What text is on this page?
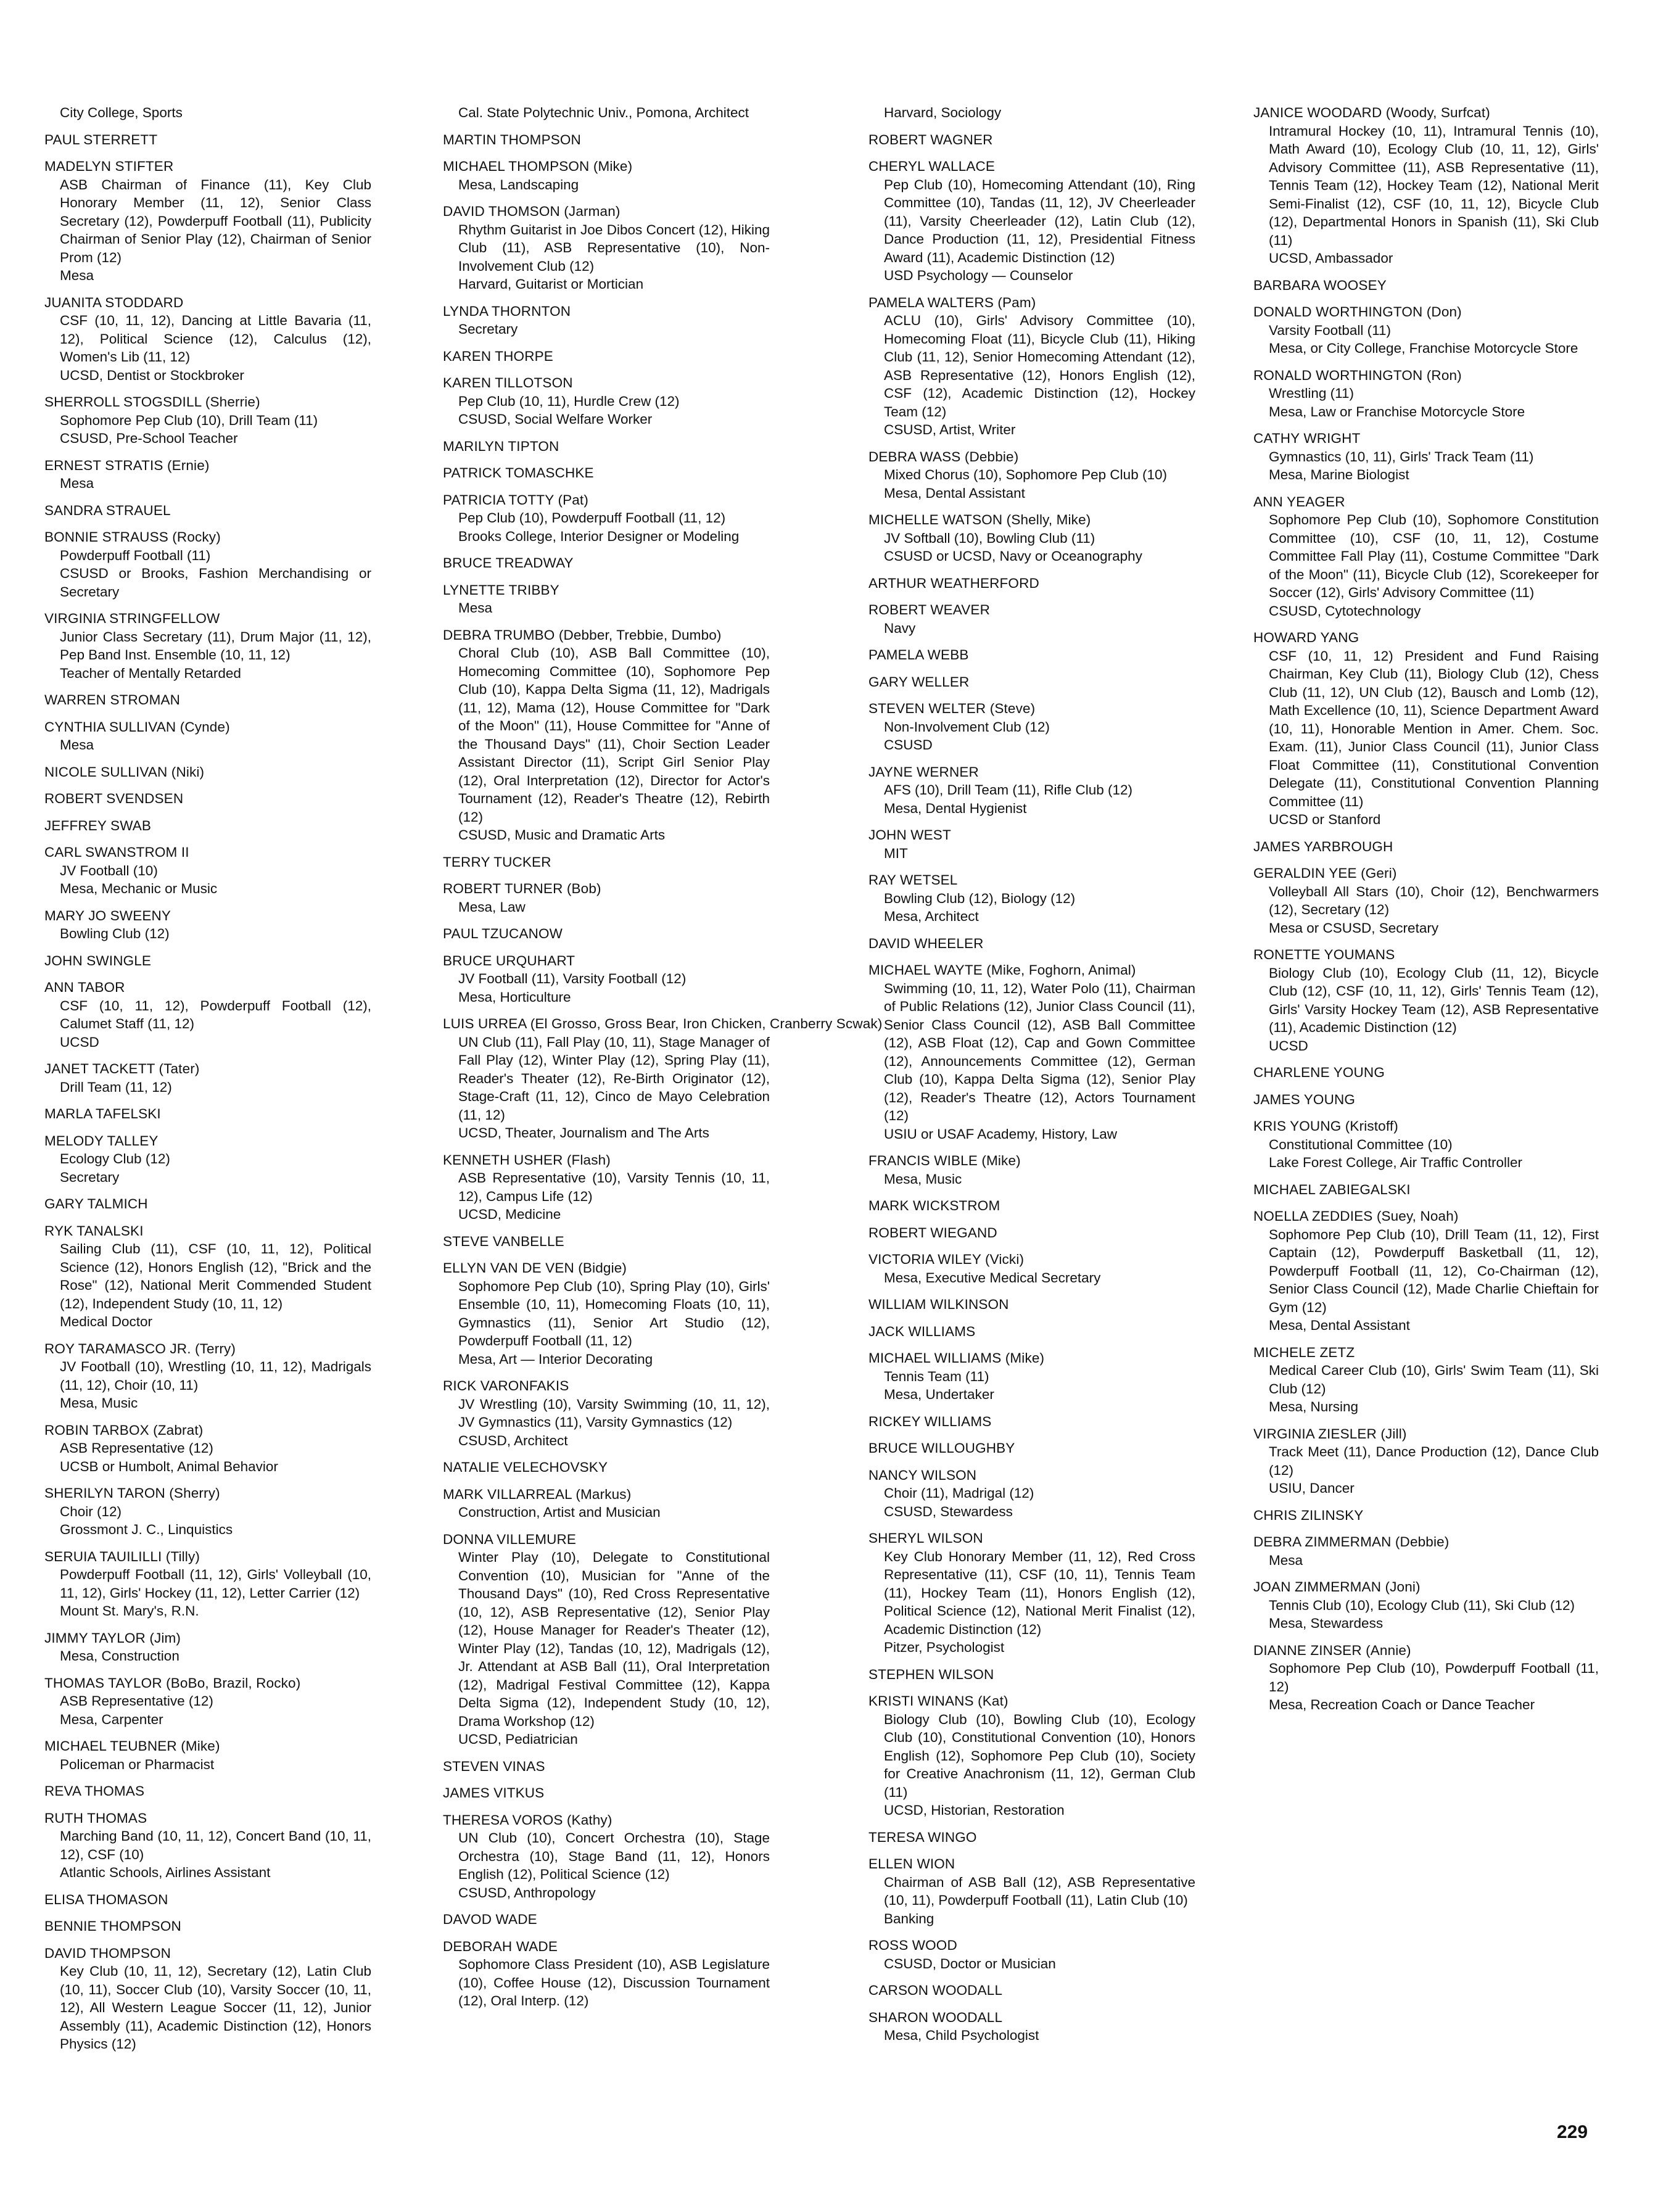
City College, Sports
PAUL STERRETT
MADELYN STIFTER
ASB Chairman of Finance (11), Key Club Honorary Member (11, 12), Senior Class Secretary (12), Powderpuff Football (11), Publicity Chairman of Senior Play (12), Chairman of Senior Prom (12)
Mesa
JUANITA STODDARD
CSF (10, 11, 12), Dancing at Little Bavaria (11, 12), Political Science (12), Calculus (12), Women's Lib (11, 12)
UCSD, Dentist or Stockbroker
SHERROLL STOGSDILL (Sherrie)
Sophomore Pep Club (10), Drill Team (11)
CSUSD, Pre-School Teacher
ERNEST STRATIS (Ernie)
Mesa
SANDRA STRAUEL
BONNIE STRAUSS (Rocky)
Powderpuff Football (11)
CSUSD or Brooks, Fashion Merchandising or Secretary
VIRGINIA STRINGFELLOW
Junior Class Secretary (11), Drum Major (11, 12), Pep Band Inst. Ensemble (10, 11, 12)
Teacher of Mentally Retarded
WARREN STROMAN
CYNTHIA SULLIVAN (Cynde)
Mesa
NICOLE SULLIVAN (Niki)
ROBERT SVENDSEN
JEFFREY SWAB
CARL SWANSTROM II
JV Football (10)
Mesa, Mechanic or Music
MARY JO SWEENY
Bowling Club (12)
JOHN SWINGLE
ANN TABOR
CSF (10, 11, 12), Powderpuff Football (12), Calumet Staff (11, 12)
UCSD
JANET TACKETT (Tater)
Drill Team (11, 12)
MARLA TAFELSKI
MELODY TALLEY
Ecology Club (12)
Secretary
GARY TALMICH
RYK TANALSKI
Sailing Club (11), CSF (10, 11, 12), Political Science (12), Honors English (12), "Brick and the Rose" (12), National Merit Commended Student (12), Independent Study (10, 11, 12)
Medical Doctor
ROY TARAMASCO JR. (Terry)
JV Football (10), Wrestling (10, 11, 12), Madrigals (11, 12), Choir (10, 11)
Mesa, Music
ROBIN TARBOX (Zabrat)
ASB Representative (12)
UCSB or Humbolt, Animal Behavior
SHERILYN TARON (Sherry)
Choir (12)
Grossmont J. C., Linquistics
SERUIA TAUILILLI (Tilly)
Powderpuff Football (11, 12), Girls' Volleyball (10, 11, 12), Girls' Hockey (11, 12), Letter Carrier (12)
Mount St. Mary's, R.N.
JIMMY TAYLOR (Jim)
Mesa, Construction
THOMAS TAYLOR (BoBo, Brazil, Rocko)
ASB Representative (12)
Mesa, Carpenter
MICHAEL TEUBNER (Mike)
Policeman or Pharmacist
REVA THOMAS
RUTH THOMAS
Marching Band (10, 11, 12), Concert Band (10, 11, 12), CSF (10)
Atlantic Schools, Airlines Assistant
ELISA THOMASON
BENNIE THOMPSON
DAVID THOMPSON
Key Club (10, 11, 12), Secretary (12), Latin Club (10, 11), Soccer Club (10), Varsity Soccer (10, 11, 12), All Western League Soccer (11, 12), Junior Assembly (11), Academic Distinction (12), Honors Physics (12)
Cal. State Polytechnic Univ., Pomona, Architect
MARTIN THOMPSON
MICHAEL THOMPSON (Mike)
Mesa, Landscaping
DAVID THOMSON (Jarman)
Rhythm Guitarist in Joe Dibos Concert (12), Hiking Club (11), ASB Representative (10), Non-Involvement Club (12)
Harvard, Guitarist or Mortician
LYNDA THORNTON
Secretary
KAREN THORPE
KAREN TILLOTSON
Pep Club (10, 11), Hurdle Crew (12)
CSUSD, Social Welfare Worker
MARILYN TIPTON
PATRICK TOMASCHKE
PATRICIA TOTTY (Pat)
Pep Club (10), Powderpuff Football (11, 12)
Brooks College, Interior Designer or Modeling
BRUCE TREADWAY
LYNETTE TRIBBY
Mesa
DEBRA TRUMBO (Debber, Trebbie, Dumbo)
Choral Club (10), ASB Ball Committee (10), Homecoming Committee (10), Sophomore Pep Club (10), Kappa Delta Sigma (11, 12), Madrigals (11, 12), Mama (12), House Committee for "Dark of the Moon" (11), House Committee for "Anne of the Thousand Days" (11), Choir Section Leader Assistant Director (11), Script Girl Senior Play (12), Oral Interpretation (12), Director for Actor's Tournament (12), Reader's Theatre (12), Rebirth (12)
CSUSD, Music and Dramatic Arts
TERRY TUCKER
ROBERT TURNER (Bob)
Mesa, Law
PAUL TZUCANOW
BRUCE URQUHART
JV Football (11), Varsity Football (12)
Mesa, Horticulture
LUIS URREA (El Grosso, Gross Bear, Iron Chicken, Cranberry Scwak)
UN Club (11), Fall Play (10, 11), Stage Manager of Fall Play (12), Winter Play (12), Spring Play (11), Reader's Theater (12), Re-Birth Originator (12), Stage-Craft (11, 12), Cinco de Mayo Celebration (11, 12)
UCSD, Theater, Journalism and The Arts
KENNETH USHER (Flash)
ASB Representative (10), Varsity Tennis (10, 11, 12), Campus Life (12)
UCSD, Medicine
STEVE VANBELLE
ELLYN VAN DE VEN (Bidgie)
Sophomore Pep Club (10), Spring Play (10), Girls' Ensemble (10, 11), Homecoming Floats (10, 11), Gymnastics (11), Senior Art Studio (12), Powderpuff Football (11, 12)
Mesa, Art — Interior Decorating
RICK VARONFAKIS
JV Wrestling (10), Varsity Swimming (10, 11, 12), JV Gymnastics (11), Varsity Gymnastics (12)
CSUSD, Architect
NATALIE VELECHOVSKY
MARK VILLARREAL (Markus)
Construction, Artist and Musician
DONNA VILLEMURE
Winter Play (10), Delegate to Constitutional Convention (10), Musician for "Anne of the Thousand Days" (10), Red Cross Representative (10, 12), ASB Representative (12), Senior Play (12), House Manager for Reader's Theater (12), Winter Play (12), Tandas (10, 12), Madrigals (12), Jr. Attendant at ASB Ball (11), Oral Interpretation (12), Madrigal Festival Committee (12), Kappa Delta Sigma (12), Independent Study (10, 12), Drama Workshop (12)
UCSD, Pediatrician
STEVEN VINAS
JAMES VITKUS
THERESA VOROS (Kathy)
UN Club (10), Concert Orchestra (10), Stage Orchestra (10), Stage Band (11, 12), Honors English (12), Political Science (12)
CSUSD, Anthropology
DAVOD WADE
DEBORAH WADE
Sophomore Class President (10), ASB Legislature (10), Coffee House (12), Discussion Tournament (12), Oral Interp. (12)
Harvard, Sociology
ROBERT WAGNER
CHERYL WALLACE
Pep Club (10), Homecoming Attendant (10), Ring Committee (10), Tandas (11, 12), JV Cheerleader (11), Varsity Cheerleader (12), Latin Club (12), Dance Production (11, 12), Presidential Fitness Award (11), Academic Distinction (12)
USD Psychology — Counselor
PAMELA WALTERS (Pam)
ACLU (10), Girls' Advisory Committee (10), Homecoming Float (11), Bicycle Club (11), Hiking Club (11, 12), Senior Homecoming Attendant (12), ASB Representative (12), Honors English (12), CSF (12), Academic Distinction (12), Hockey Team (12)
CSUSD, Artist, Writer
DEBRA WASS (Debbie)
Mixed Chorus (10), Sophomore Pep Club (10)
Mesa, Dental Assistant
MICHELLE WATSON (Shelly, Mike)
JV Softball (10), Bowling Club (11)
CSUSD or UCSD, Navy or Oceanography
ARTHUR WEATHERFORD
ROBERT WEAVER
Navy
PAMELA WEBB
GARY WELLER
STEVEN WELTER (Steve)
Non-Involvement Club (12)
CSUSD
JAYNE WERNER
AFS (10), Drill Team (11), Rifle Club (12)
Mesa, Dental Hygienist
JOHN WEST
MIT
RAY WETSEL
Bowling Club (12), Biology (12)
Mesa, Architect
DAVID WHEELER
MICHAEL WAYTE (Mike, Foghorn, Animal)
Swimming (10, 11, 12), Water Polo (11), Chairman of Public Relations (12), Junior Class Council (11), Senior Class Council (12), ASB Ball Committee (12), ASB Float (12), Cap and Gown Committee (12), Announcements Committee (12), German Club (10), Kappa Delta Sigma (12), Senior Play (12), Reader's Theatre (12), Actors Tournament (12)
USIU or USAF Academy, History, Law
FRANCIS WIBLE (Mike)
Mesa, Music
MARK WICKSTROM
ROBERT WIEGAND
VICTORIA WILEY (Vicki)
Mesa, Executive Medical Secretary
WILLIAM WILKINSON
JACK WILLIAMS
MICHAEL WILLIAMS (Mike)
Tennis Team (11)
Mesa, Undertaker
RICKEY WILLIAMS
BRUCE WILLOUGHBY
NANCY WILSON
Choir (11), Madrigal (12)
CSUSD, Stewardess
SHERYL WILSON
Key Club Honorary Member (11, 12), Red Cross Representative (11), CSF (10, 11), Tennis Team (11), Hockey Team (11), Honors English (12), Political Science (12), National Merit Finalist (12), Academic Distinction (12)
Pitzer, Psychologist
STEPHEN WILSON
KRISTI WINANS (Kat)
Biology Club (10), Bowling Club (10), Ecology Club (10), Constitutional Convention (10), Honors English (12), Sophomore Pep Club (10), Society for Creative Anachronism (11, 12), German Club (11)
UCSD, Historian, Restoration
TERESA WINGO
ELLEN WION
Chairman of ASB Ball (12), ASB Representative (10, 11), Powderpuff Football (11), Latin Club (10)
Banking
ROSS WOOD
CSUSD, Doctor or Musician
CARSON WOODALL
SHARON WOODALL
Mesa, Child Psychologist
JANICE WOODARD (Woody, Surfcat)
Intramural Hockey (10, 11), Intramural Tennis (10), Math Award (10), Ecology Club (10, 11, 12), Girls' Advisory Committee (11), ASB Representative (11), Tennis Team (12), Hockey Team (12), National Merit Semi-Finalist (12), CSF (10, 11, 12), Bicycle Club (12), Departmental Honors in Spanish (11), Ski Club (11)
UCSD, Ambassador
BARBARA WOOSEY
DONALD WORTHINGTON (Don)
Varsity Football (11)
Mesa, or City College, Franchise Motorcycle Store
RONALD WORTHINGTON (Ron)
Wrestling (11)
Mesa, Law or Franchise Motorcycle Store
CATHY WRIGHT
Gymnastics (10, 11), Girls' Track Team (11)
Mesa, Marine Biologist
ANN YEAGER
Sophomore Pep Club (10), Sophomore Constitution Committee (10), CSF (10, 11, 12), Costume Committee Fall Play (11), Costume Committee "Dark of the Moon" (11), Bicycle Club (12), Scorekeeper for Soccer (12), Girls' Advisory Committee (11)
CSUSD, Cytotechnology
HOWARD YANG
CSF (10, 11, 12) President and Fund Raising Chairman, Key Club (11), Biology Club (12), Chess Club (11, 12), UN Club (12), Bausch and Lomb (12), Math Excellence (10, 11), Science Department Award (10, 11), Honorable Mention in Amer. Chem. Soc. Exam. (11), Junior Class Council (11), Junior Class Float Committee (11), Constitutional Convention Delegate (11), Constitutional Convention Planning Committee (11)
UCSD or Stanford
JAMES YARBROUGH
GERALDIN YEE (Geri)
Volleyball All Stars (10), Choir (12), Benchwarmers (12), Secretary (12)
Mesa or CSUSD, Secretary
RONETTE YOUMANS
Biology Club (10), Ecology Club (11, 12), Bicycle Club (12), CSF (10, 11, 12), Girls' Tennis Team (12), Girls' Varsity Hockey Team (12), ASB Representative (11), Academic Distinction (12)
UCSD
CHARLENE YOUNG
JAMES YOUNG
KRIS YOUNG (Kristoff)
Constitutional Committee (10)
Lake Forest College, Air Traffic Controller
MICHAEL ZABIEGALSKI
NOELLA ZEDDIES (Suey, Noah)
Sophomore Pep Club (10), Drill Team (11, 12), First Captain (12), Powderpuff Basketball (11, 12), Powderpuff Football (11, 12), Co-Chairman (12), Senior Class Council (12), Made Charlie Chieftain for Gym (12)
Mesa, Dental Assistant
MICHELE ZETZ
Medical Career Club (10), Girls' Swim Team (11), Ski Club (12)
Mesa, Nursing
VIRGINIA ZIESLER (Jill)
Track Meet (11), Dance Production (12), Dance Club (12)
USIU, Dancer
CHRIS ZILINSKY
DEBRA ZIMMERMAN (Debbie)
Mesa
JOAN ZIMMERMAN (Joni)
Tennis Club (10), Ecology Club (11), Ski Club (12)
Mesa, Stewardess
DIANNE ZINSER (Annie)
Sophomore Pep Club (10), Powderpuff Football (11, 12)
Mesa, Recreation Coach or Dance Teacher
229
